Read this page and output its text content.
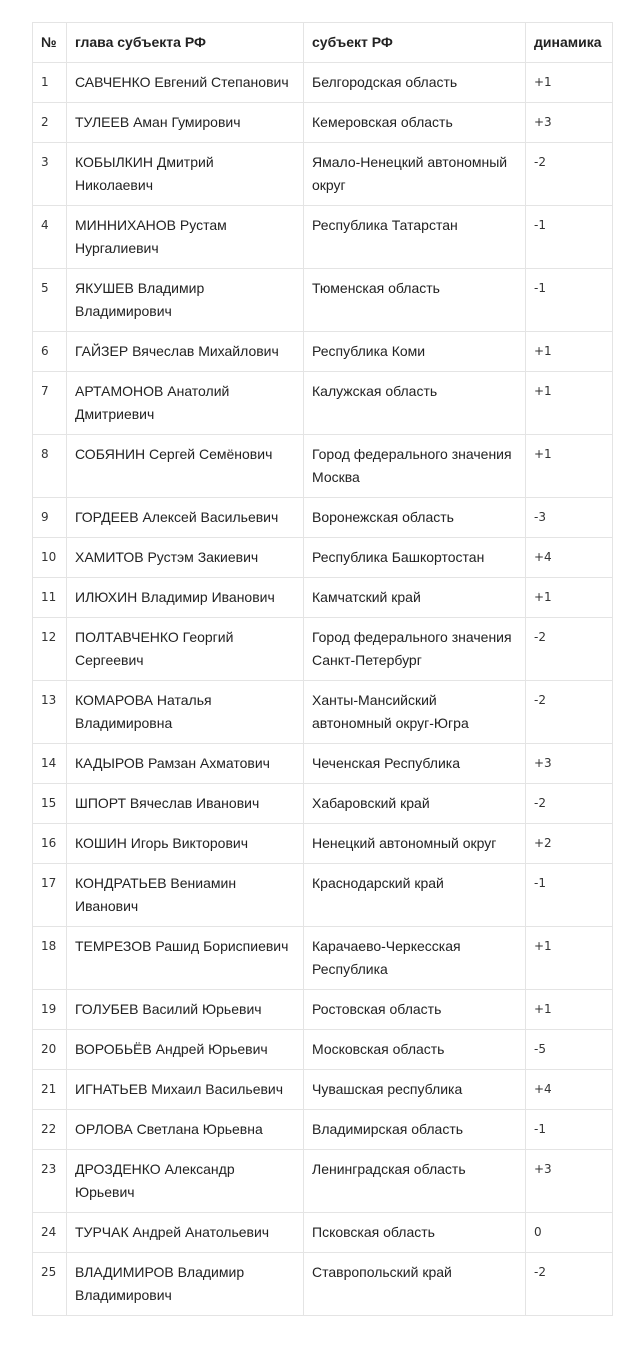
№	глава субъекта РФ	субъект РФ	динамика
1	САВЧЕНКО Евгений Степанович	Белгородская область	+1
2	ТУЛЕЕВ Аман Гумирович	Кемеровская область	+3
3	КОБЫЛКИН Дмитрий Николаевич	Ямало-Ненецкий автономный округ	-2
4	МИННИХАНОВ Рустам Нургалиевич	Республика Татарстан	-1
5	ЯКУШЕВ Владимир Владимирович	Тюменская область	-1
6	ГАЙЗЕР Вячеслав Михайлович	Республика Коми	+1
7	АРТАМОНОВ Анатолий Дмитриевич	Калужская область	+1
8	СОБЯНИН Сергей Семёнович	Город федерального значения Москва	+1
9	ГОРДЕЕВ Алексей Васильевич	Воронежская область	-3
10	ХАМИТОВ Рустэм Закиевич	Республика Башкортостан	+4
11	ИЛЮХИН Владимир Иванович	Камчатский край	+1
12	ПОЛТАВЧЕНКО Георгий Сергеевич	Город федерального значения Санкт-Петербург	-2
13	КОМАРОВА Наталья Владимировна	Ханты-Мансийский автономный округ-Югра	-2
14	КАДЫРОВ Рамзан Ахматович	Чеченская Республика	+3
15	ШПОРТ Вячеслав Иванович	Хабаровский край	-2
16	КОШИН Игорь Викторович	Ненецкий автономный округ	+2
17	КОНДРАТЬЕВ Вениамин Иванович	Краснодарский край	-1
18	ТЕМРЕЗОВ Рашид Бориспиевич	Карачаево-Черкесская Республика	+1
19	ГОЛУБЕВ Василий Юрьевич	Ростовская область	+1
20	ВОРОБЬЁВ Андрей Юрьевич	Московская область	-5
21	ИГНАТЬЕВ Михаил Васильевич	Чувашская республика	+4
22	ОРЛОВА Светлана Юрьевна	Владимирская область	-1
23	ДРОЗДЕНКО Александр Юрьевич	Ленинградская область	+3
24	ТУРЧАК Андрей Анатольевич	Псковская область	0
25	ВЛАДИМИРОВ Владимир Владимирович	Ставропольский край	-2
